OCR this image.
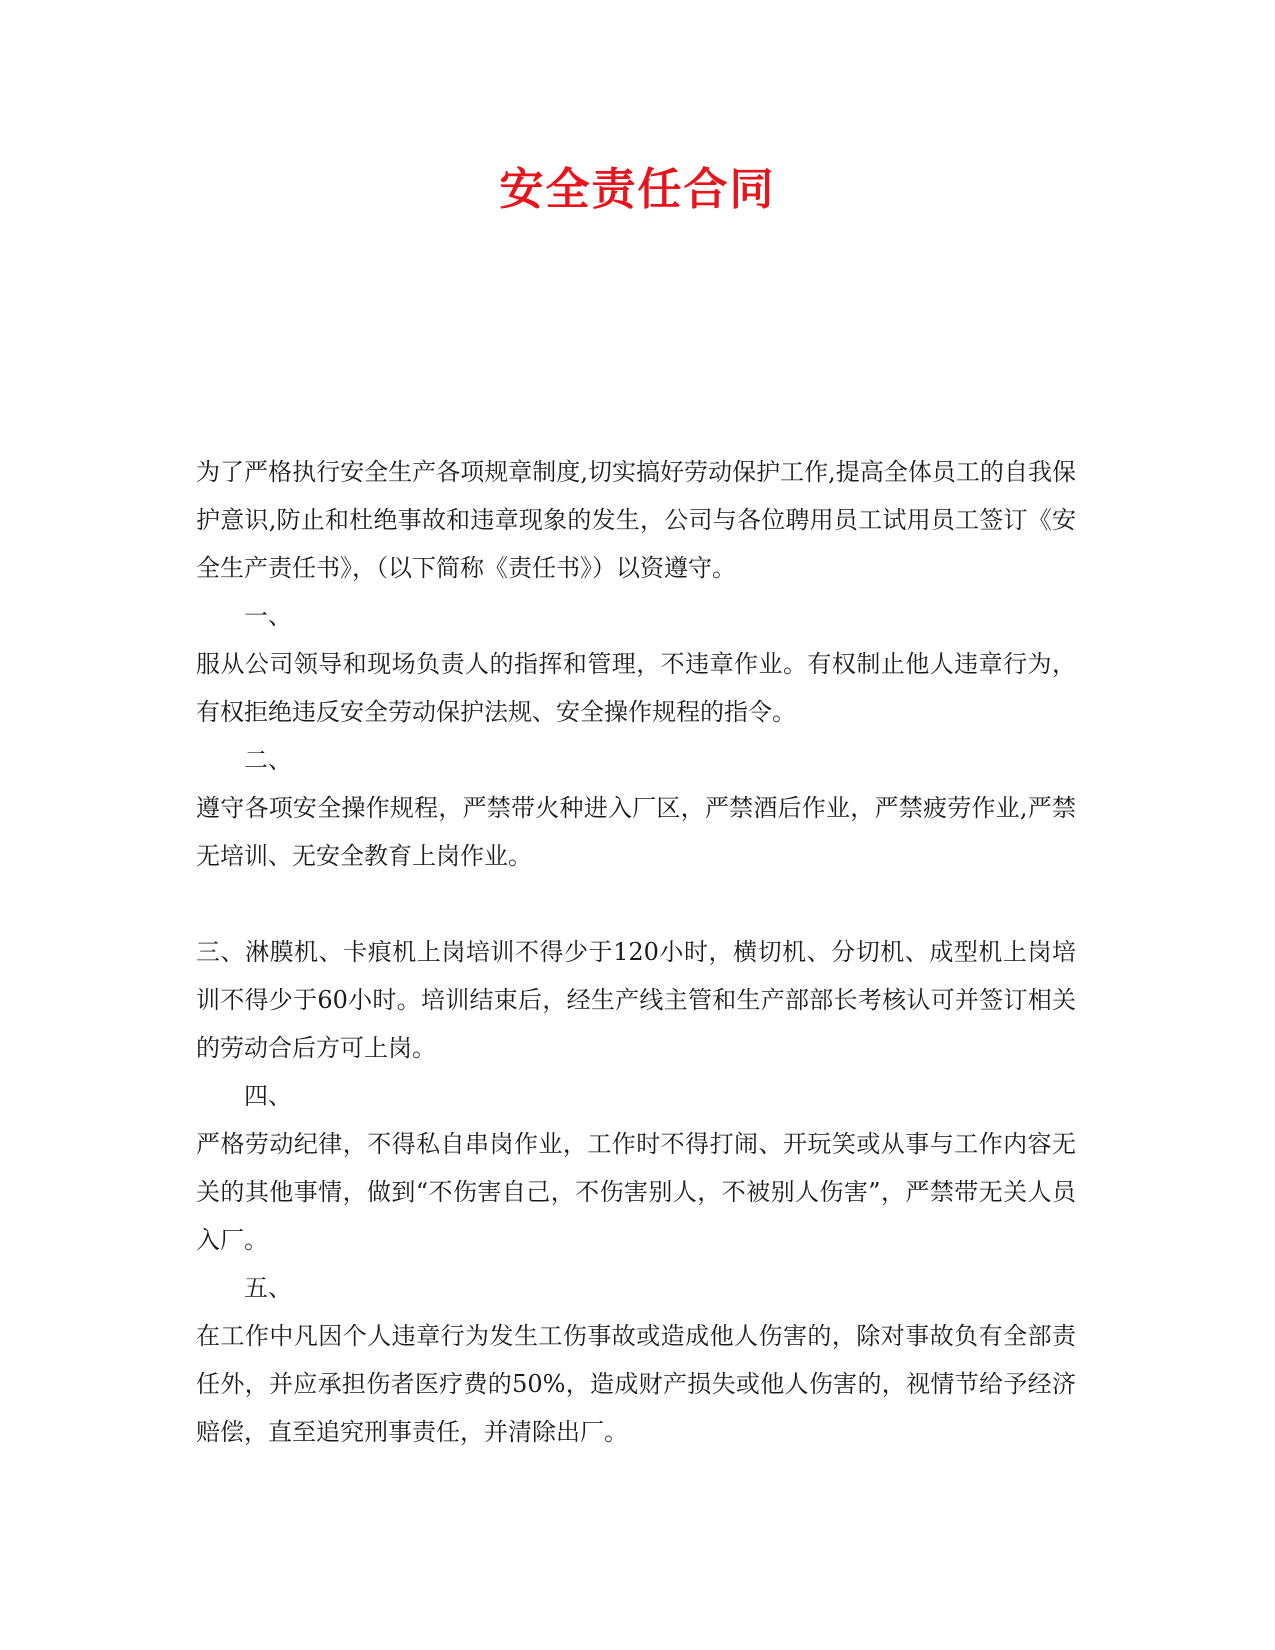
安全责任合同

为了严格执行安全生产各项规章制度,切实搞好劳动保护工作,提高全体员工的自我保护意识,防止和杜绝事故和违章现象的发生，公司与各位聘用员工试用员工签订《安全生产责任书》，（以下简称《责任书》）以资遵守。

一、

服从公司领导和现场负责人的指挥和管理，不违章作业。有权制止他人违章行为，有权拒绝违反安全劳动保护法规、安全操作规程的指令。

二、

遵守各项安全操作规程，严禁带火种进入厂区，严禁酒后作业，严禁疲劳作业,严禁无培训、无安全教育上岗作业。

三、淋膜机、卡痕机上岗培训不得少于120小时，横切机、分切机、成型机上岗培训不得少于60小时。培训结束后，经生产线主管和生产部部长考核认可并签订相关的劳动合后方可上岗。

四、

严格劳动纪律，不得私自串岗作业，工作时不得打闹、开玩笑或从事与工作内容无关的其他事情，做到“不伤害自己，不伤害别人，不被别人伤害”，严禁带无关人员入厂。

五、

在工作中凡因个人违章行为发生工伤事故或造成他人伤害的，除对事故负有全部责任外，并应承担伤者医疗费的50%，造成财产损失或他人伤害的，视情节给予经济赔偿，直至追究刑事责任，并清除出厂。
